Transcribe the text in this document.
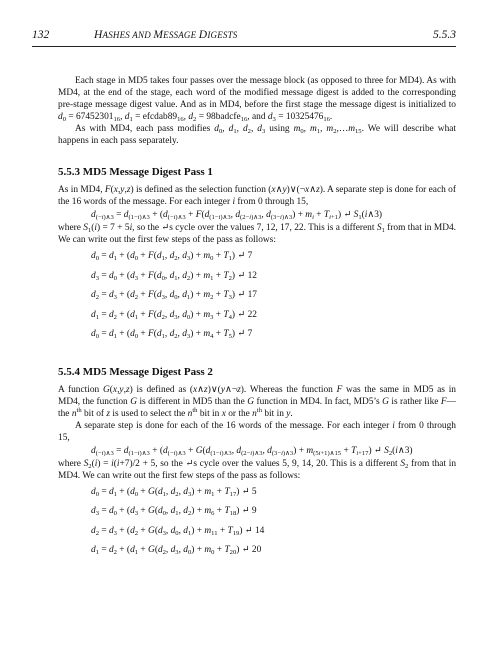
132	HASHES AND MESSAGE DIGESTS	5.5.3

Each stage in MD5 takes four passes over the message block (as opposed to three for MD4). As with MD4, at the end of the stage, each word of the modified message digest is added to the corresponding pre-stage message digest value. And as in MD4, before the first stage the message digest is initialized to $d_0 = 67452301_{16}$, $d_1$ = $efcdab89_{16}$, $d_2$ = 98badcfe$_{16}$, and $d_3 = 10325476_{16}$.

As with MD4, each pass modifies $d_0$, $d_1$, $d_2$, $d_3$ using $m_0$, $m_1$, $m_2,\dots m_{15}$. We will describe what happens in each pass separately.

5.5.3 MD5 Message Digest Pass 1

As in MD4, F(x,y,z) is defined as the selection function (x∧y)∨(¬x∧z). A separate step is done for each of the 16 words of the message. For each integer i from 0 through 15,

$d_{(-i)\wedge 3} = d_{(1-i)\wedge 3} + (d_{(-i)\wedge 3} + F(d_{(1-i)\wedge 3}$, $d_{(2-i)\wedge 3}$, $d_{(3-i)\wedge 3}) + m_i + T_{i+1}$) ↵ $S_1(i\wedge 3)$

where $S_1(i) = 7 + 5i$, so the ↵s cycle over the values 7, 12, 17, 22. This is a different $S_1$ from that in MD4. We can write out the first few steps of the pass as follows:

$d_0 = d_1 + (d_0 + F(d_1$, $d_2$, $d_3) + m_0 + T_1$) ↵ 7
$d_3 = d_0 + (d_3 + F(d_0$, $d_1$, $d_2) + m_1 + T_2$) ↵ 12
$d_2 = d_3 + (d_2 + F(d_3$, $d_0$, $d_1) + m_2 + T_3$) ↵ 17
$d_1 = d_2 + (d_1 + F(d_2$, $d_3$, $d_0) + m_3 + T_4$) ↵ 22
$d_0 = d_1 + (d_0 + F(d_1$, $d_2$, $d_3) + m_4 + T_5$) ↵ 7
5.5.4 MD5 Message Digest Pass 2

A function G(x,y,z) is defined as (x∧z)∨(y∧¬z). Whereas the function F was the same in MD5 as in MD4, the function G is different in MD5 than the G function in MD4. In fact, MD5’s G is rather like F—the $n^{th}$ bit of z is used to select the $n^{th}$ bit in x or the $n^{th}$ bit in y.

A separate step is done for each of the 16 words of the message. For each integer i from 0 through 15,

$d_{(-i)\wedge 3} = d_{(1-i)\wedge 3} + (d_{(-i)\wedge 3} + G(d_{(1-i)\wedge 3}$, $d_{(2-i)\wedge 3}$, $d_{(3-i)\wedge 3}) + m_{(5i+1)\wedge 15} + T_{i+17}$) ↵ $S_2(i\wedge 3)$

where $S_2(i) = i(i+7)/2 + 5$, so the ↵s cycle over the values 5, 9, 14, 20. This is a different $S_2$ from that in MD4. We can write out the first few steps of the pass as follows:

$d_0 = d_1 + (d_0 + G(d_1$, $d_2$, $d_3) + m_1 + T_{17}$) ↵ 5
$d_3 = d_0 + (d_3 + G(d_0$, $d_1$, $d_2) + m_6 + T_{18}$) ↵ 9
$d_2 = d_3 + (d_2 + G(d_3$, $d_0$, $d_1) + m_{11} + T_{19}$) ↵ 14
$d_1 = d_2 + (d_1 + G(d_2$, $d_3$, $d_0) + m_0 + T_{20}$) ↵ 20
